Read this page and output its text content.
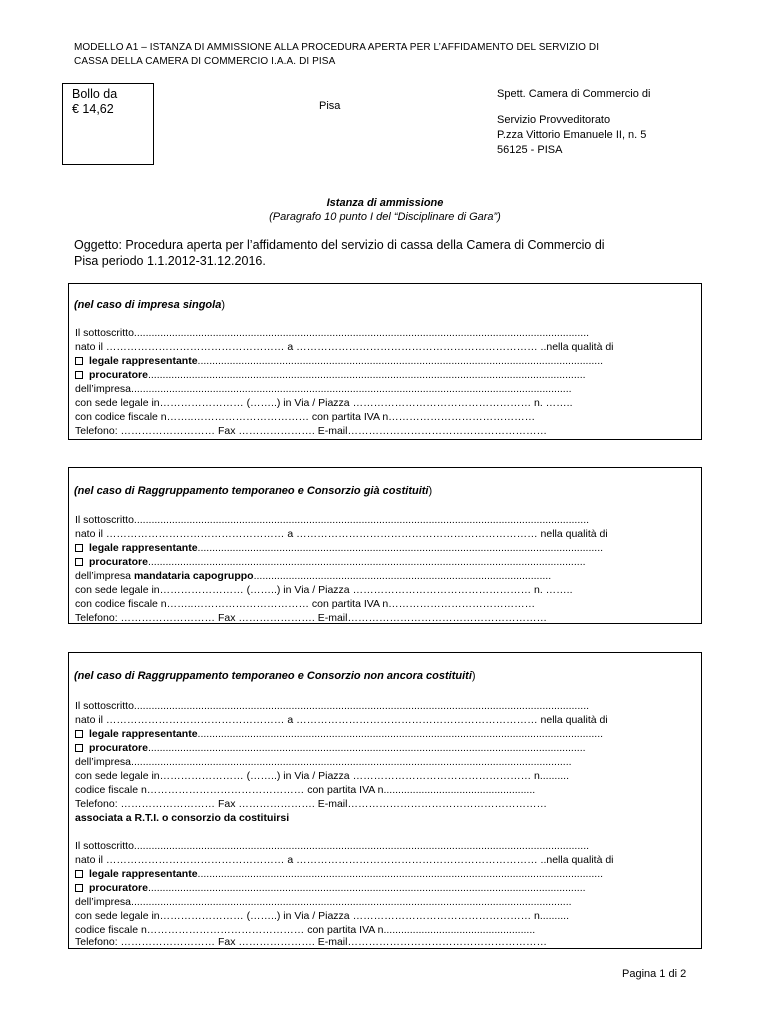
MODELLO A1 – ISTANZA DI AMMISSIONE ALLA PROCEDURA APERTA PER L’AFFIDAMENTO DEL SERVIZIO DI
CASSA DELLA CAMERA DI COMMERCIO I.A.A. DI PISA
Bollo da
€ 14,62	Pisa
Spett. Camera di Commercio di
Servizio Provveditorato
P.zza Vittorio Emanuele II, n. 5
56125 - PISA
Istanza di ammissione
(Paragrafo 10 punto I del “Disciplinare di Gara”)
Oggetto: Procedura aperta per l’affidamento del servizio di cassa della Camera di Commercio di
Pisa periodo 1.1.2012-31.12.2016.
(nel caso di impresa singola)
Il sottoscritto............................................................................................................................................................
nato il …………………………………………… a …………………………………………………………… ..nella qualità di
legale rappresentante...........................................................................................................................................
procuratore......................................................................................................................................................
dell’impresa.......................................................................................................................................................
con sede legale in…………………… (……..) in Via / Piazza …………………………………………… n. ……..
con codice fiscale n……..…………………………… con partita IVA n……………………………………
Telefono: ……………………… Fax …………………. E-mail…………………………………………………
(nel caso di Raggruppamento temporaneo e Consorzio già costituiti)
Il sottoscritto............................................................................................................................................................
nato il …………………………………………… a …………………………………………………………… nella qualità di
legale rappresentante...........................................................................................................................................
procuratore......................................................................................................................................................
dell’impresa mandataria capogruppo......................................................................................................
con sede legale in…………………… (……..) in Via / Piazza …………………………………………… n. ……..
con codice fiscale n……..…………………………… con partita IVA n……………………………………
Telefono: ……………………… Fax …………………. E-mail…………………………………………………
(nel caso di Raggruppamento temporaneo e Consorzio non ancora costituiti)
Il sottoscritto............................................................................................................................................................
nato il …………………………………………… a …………………………………………………………… nella qualità di
legale rappresentante...........................................................................................................................................
procuratore......................................................................................................................................................
dell’impresa.......................................................................................................................................................
con sede legale in…………………… (……..) in Via / Piazza …………………………………………… n..........
codice fiscale n……………………………………… con partita IVA n....................................................
Telefono: ……………………… Fax …………………. E-mail…………………………………………………
associata a R.T.I. o consorzio da costituirsi
Il sottoscritto............................................................................................................................................................
nato il …………………………………………… a …………………………………………………………… ..nella qualità di
legale rappresentante...........................................................................................................................................
procuratore......................................................................................................................................................
dell’impresa.......................................................................................................................................................
con sede legale in…………………… (……..) in Via / Piazza …………………………………………… n..........
codice fiscale n……………………………………… con partita IVA n....................................................
Telefono: ……………………… Fax …………………. E-mail…………………………………………………
Pagina 1 di 2
